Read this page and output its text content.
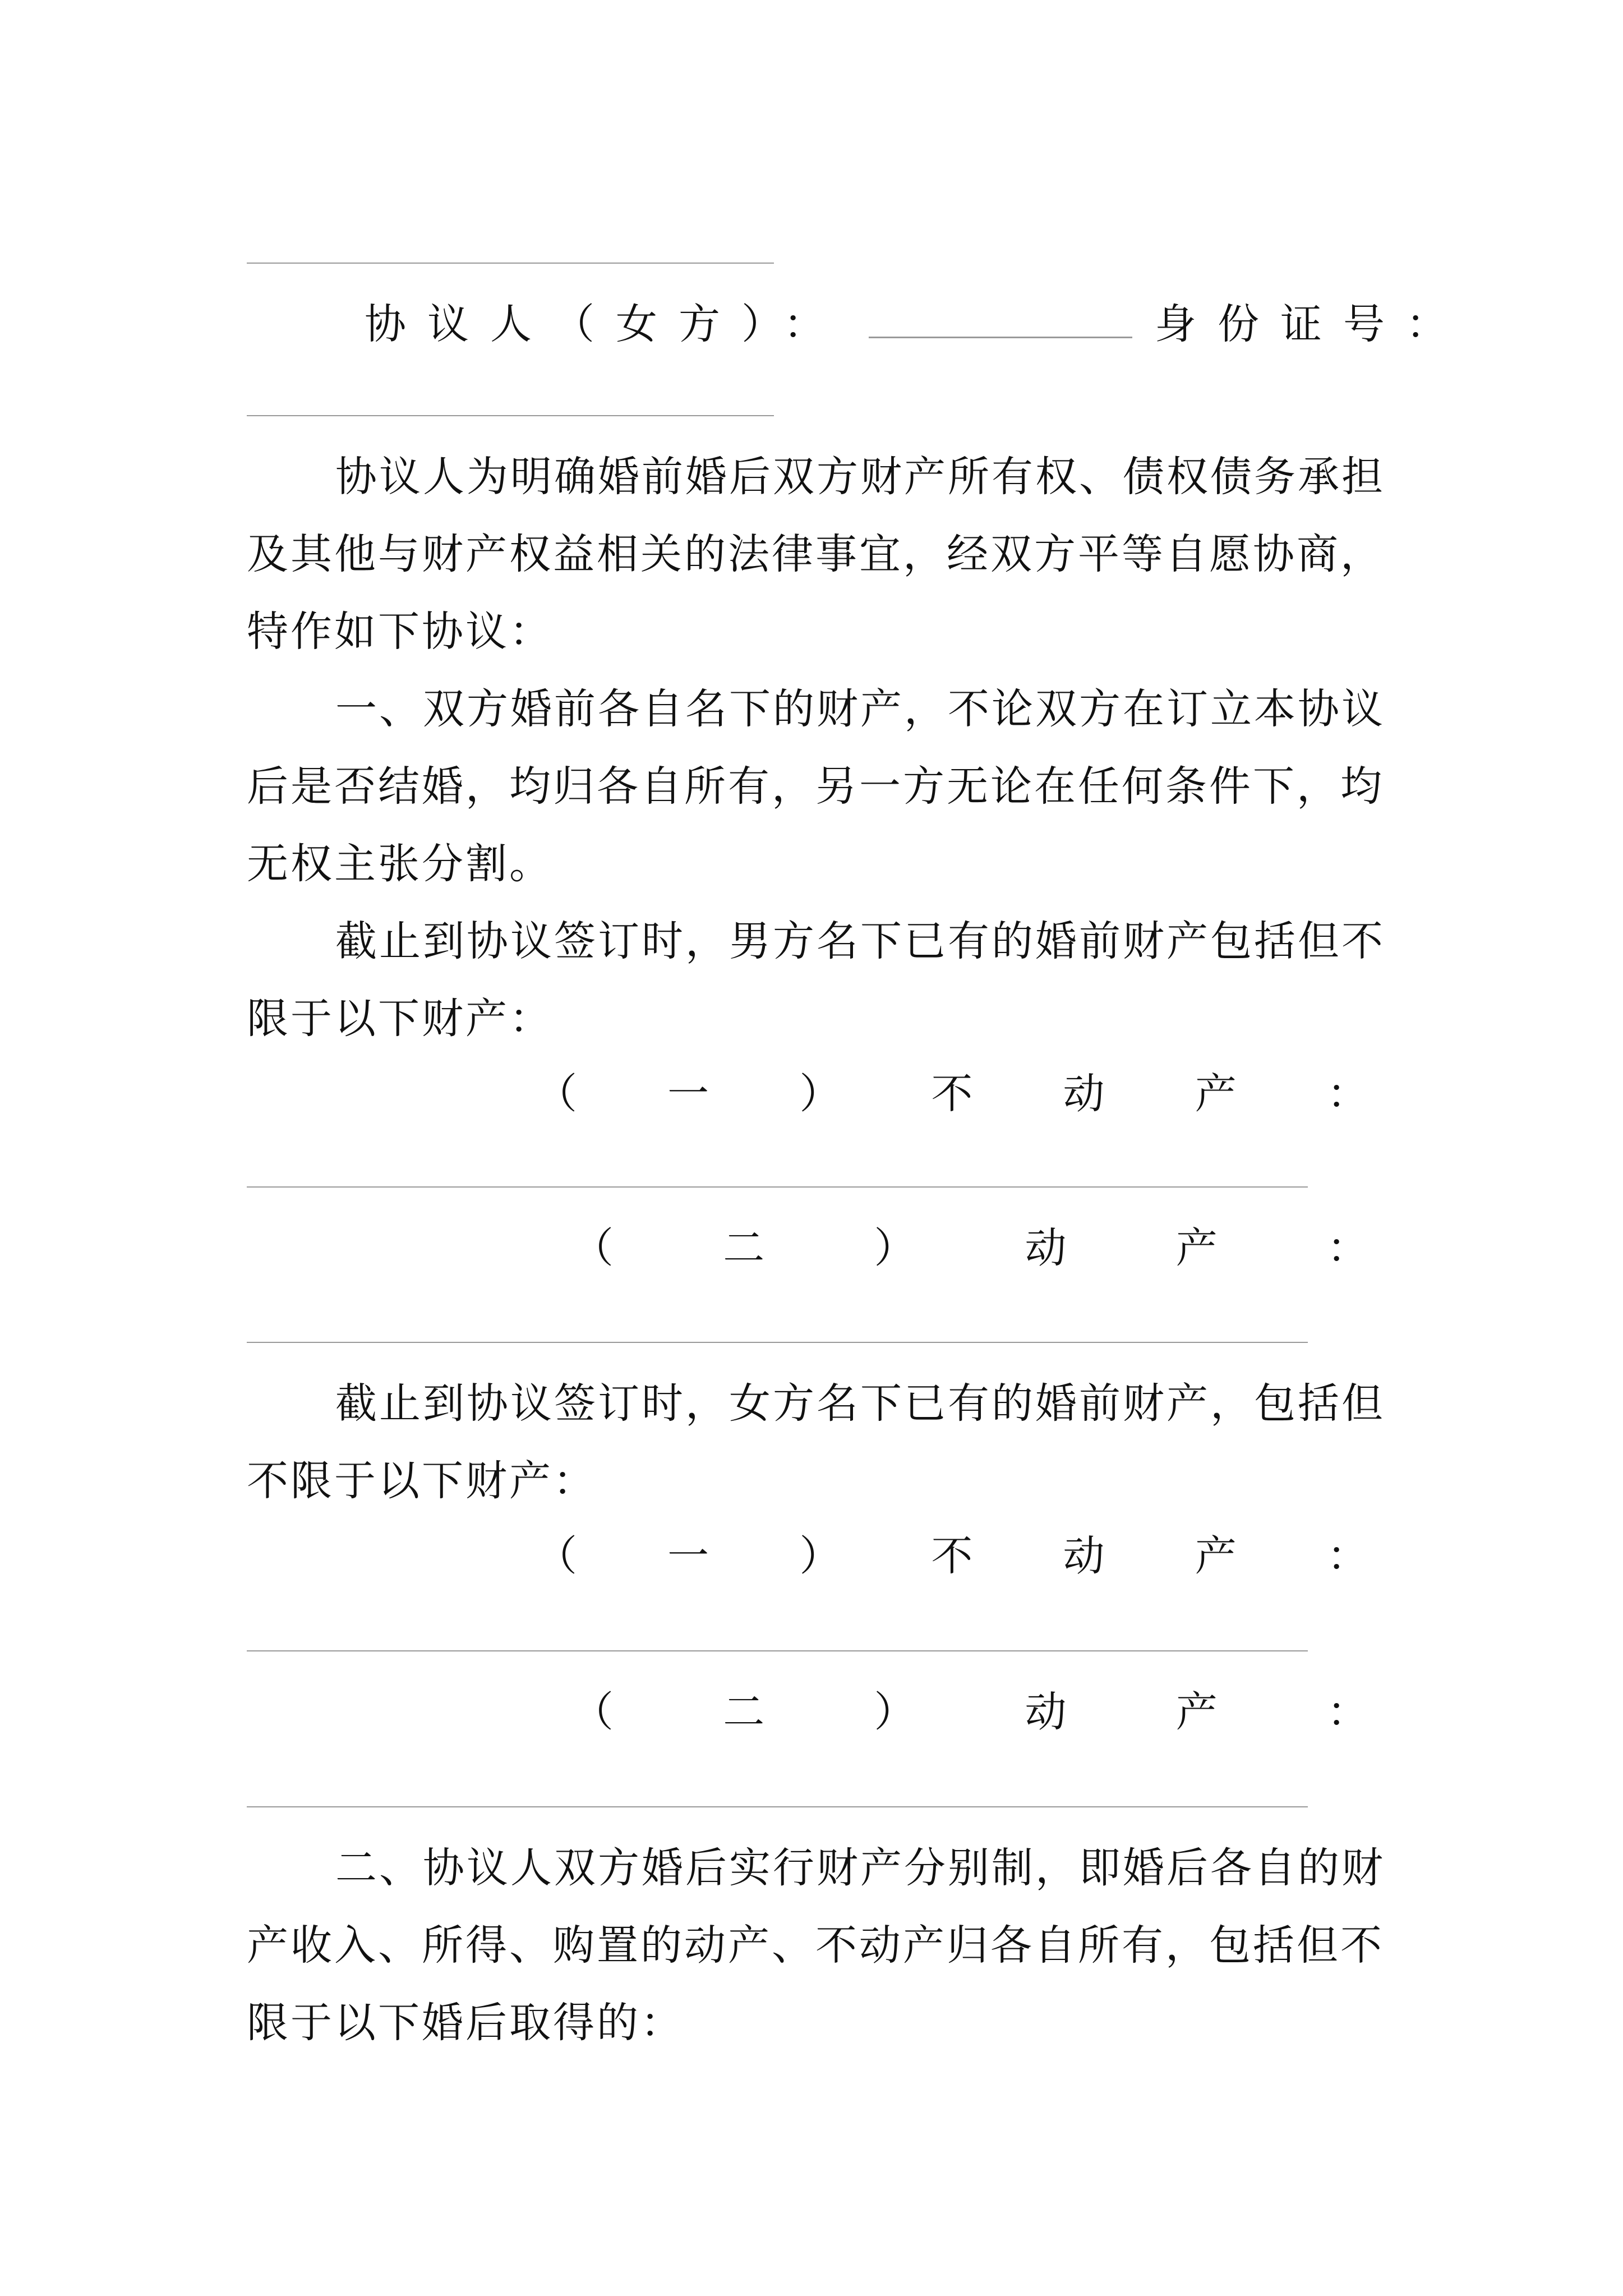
协议人（女方）：	身份证号：
协议人为明确婚前婚后双方财产所有权、债权债务承担
及其他与财产权益相关的法律事宜，经双方平等自愿协商，
特作如下协议：
一、双方婚前各自名下的财产，不论双方在订立本协议
后是否结婚，均归各自所有，另一方无论在任何条件下，均
无权主张分割。
截止到协议签订时，男方名下已有的婚前财产包括但不
限于以下财产：
（ 一 ） 不 动 产 ：
（	二	）	动	产	：
截止到协议签订时，女方名下已有的婚前财产，包括但
不限于以下财产：
（ 一 ） 不 动 产 ：
（	二	）	动	产	：
二、协议人双方婚后实行财产分别制，即婚后各自的财
产收入、所得、购置的动产、不动产归各自所有，包括但不
限于以下婚后取得的：
